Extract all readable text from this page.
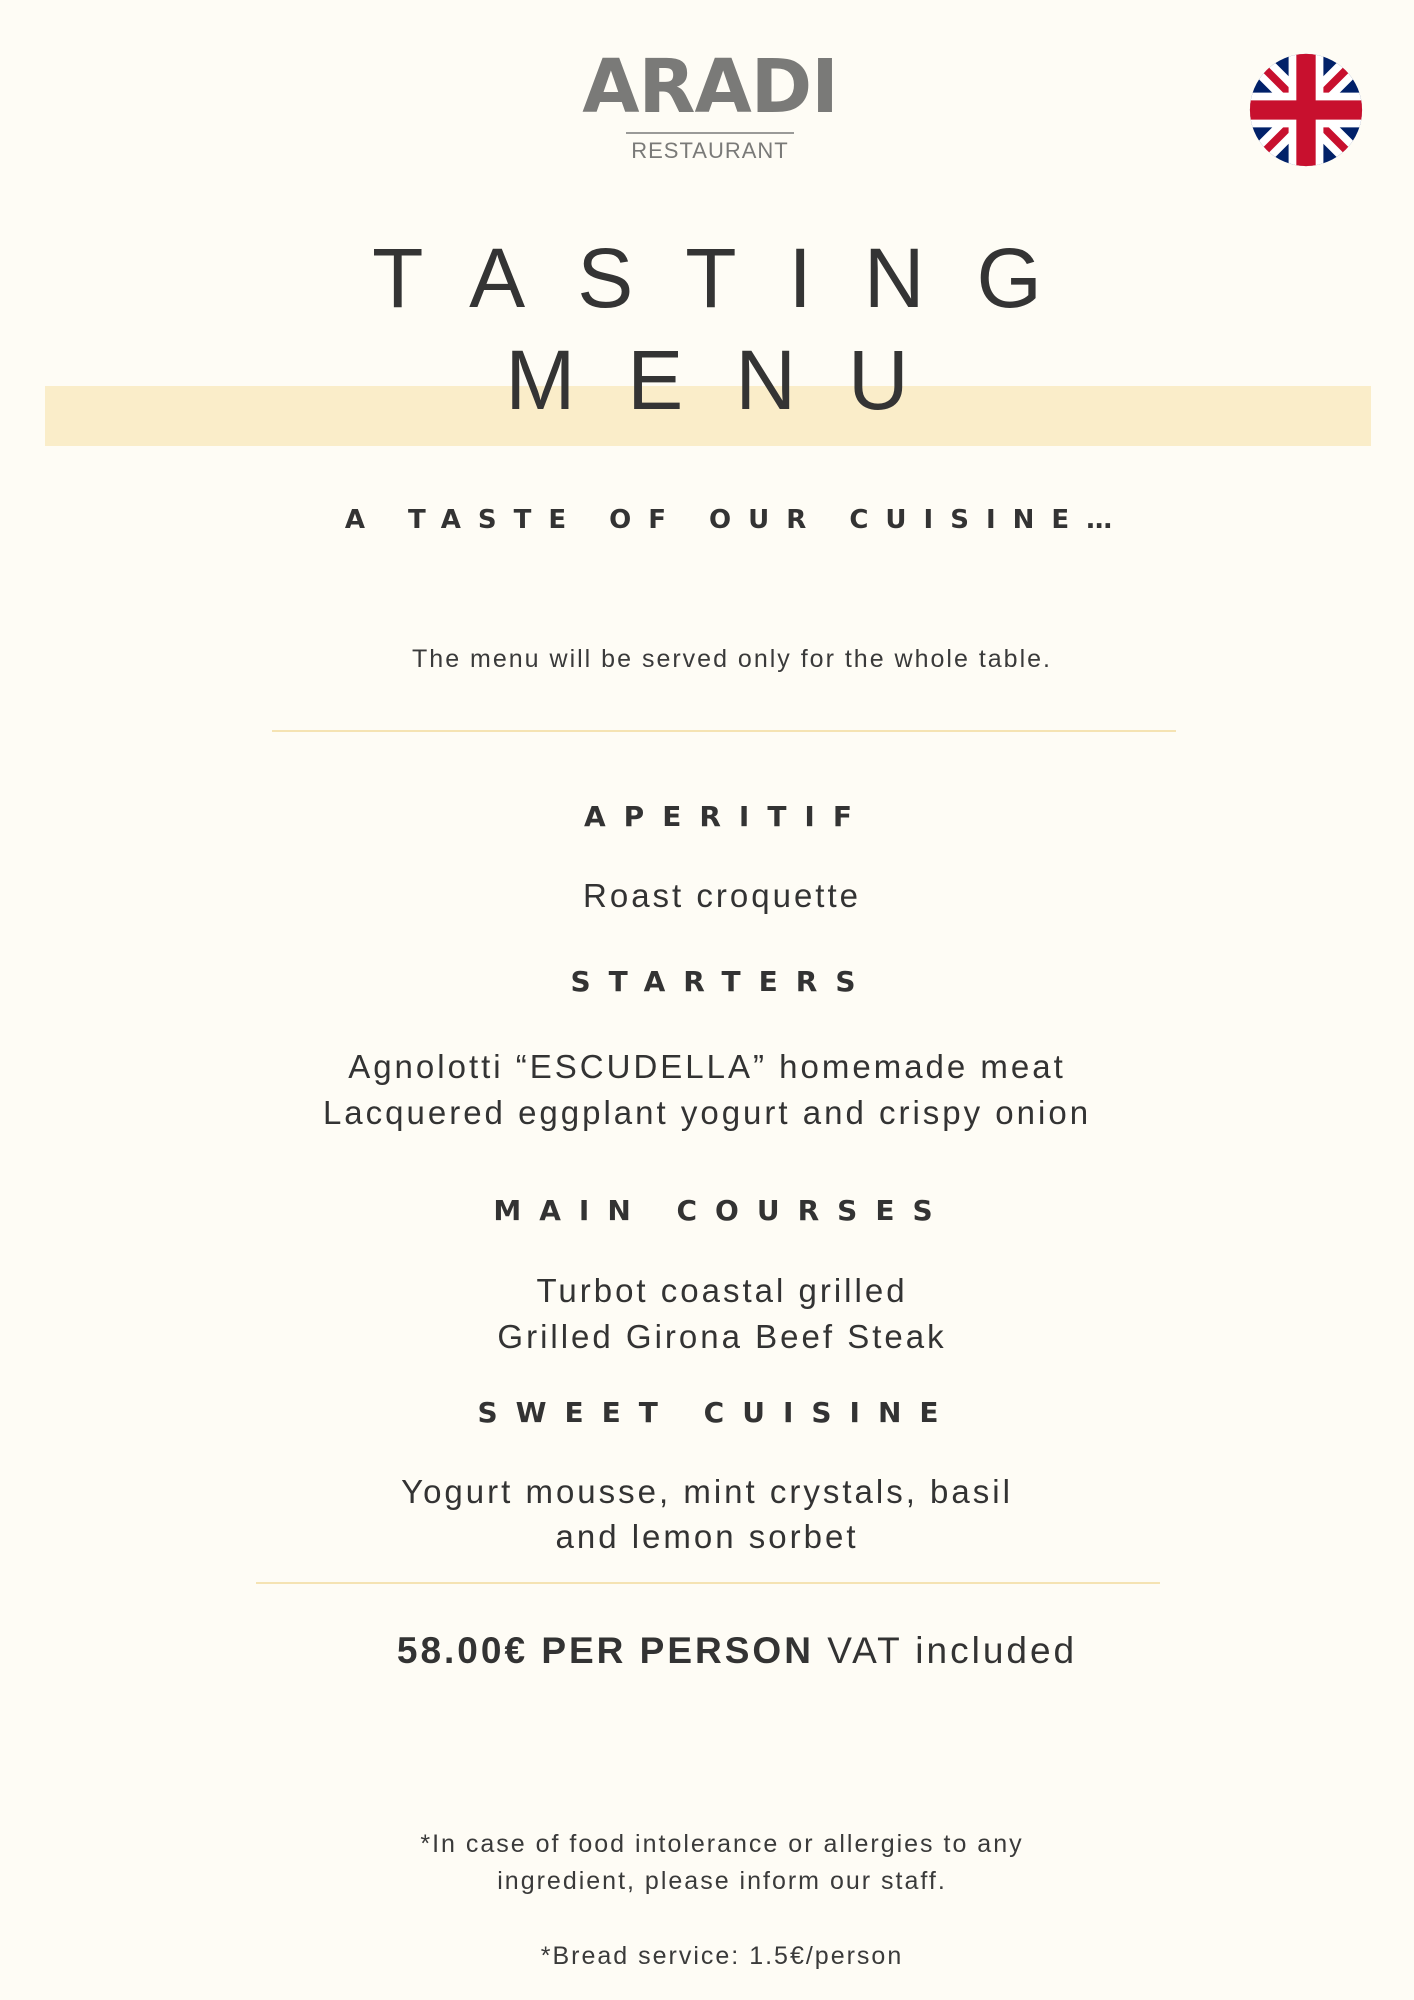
ARADI
RESTAURANT
TASTING
MENU
A TASTE OF OUR CUISINE…
The menu will be served only for the whole table.
APERITIF
Roast croquette
STARTERS
Agnolotti “ESCUDELLA” homemade meat
Lacquered eggplant yogurt and crispy onion
MAIN COURSES
Turbot coastal grilled
Grilled Girona Beef Steak
SWEET CUISINE
Yogurt mousse, mint crystals, basil
and lemon sorbet
58.00€ PER PERSON VAT included
*In case of food intolerance or allergies to any
ingredient, please inform our staff.
*Bread service: 1.5€/person
